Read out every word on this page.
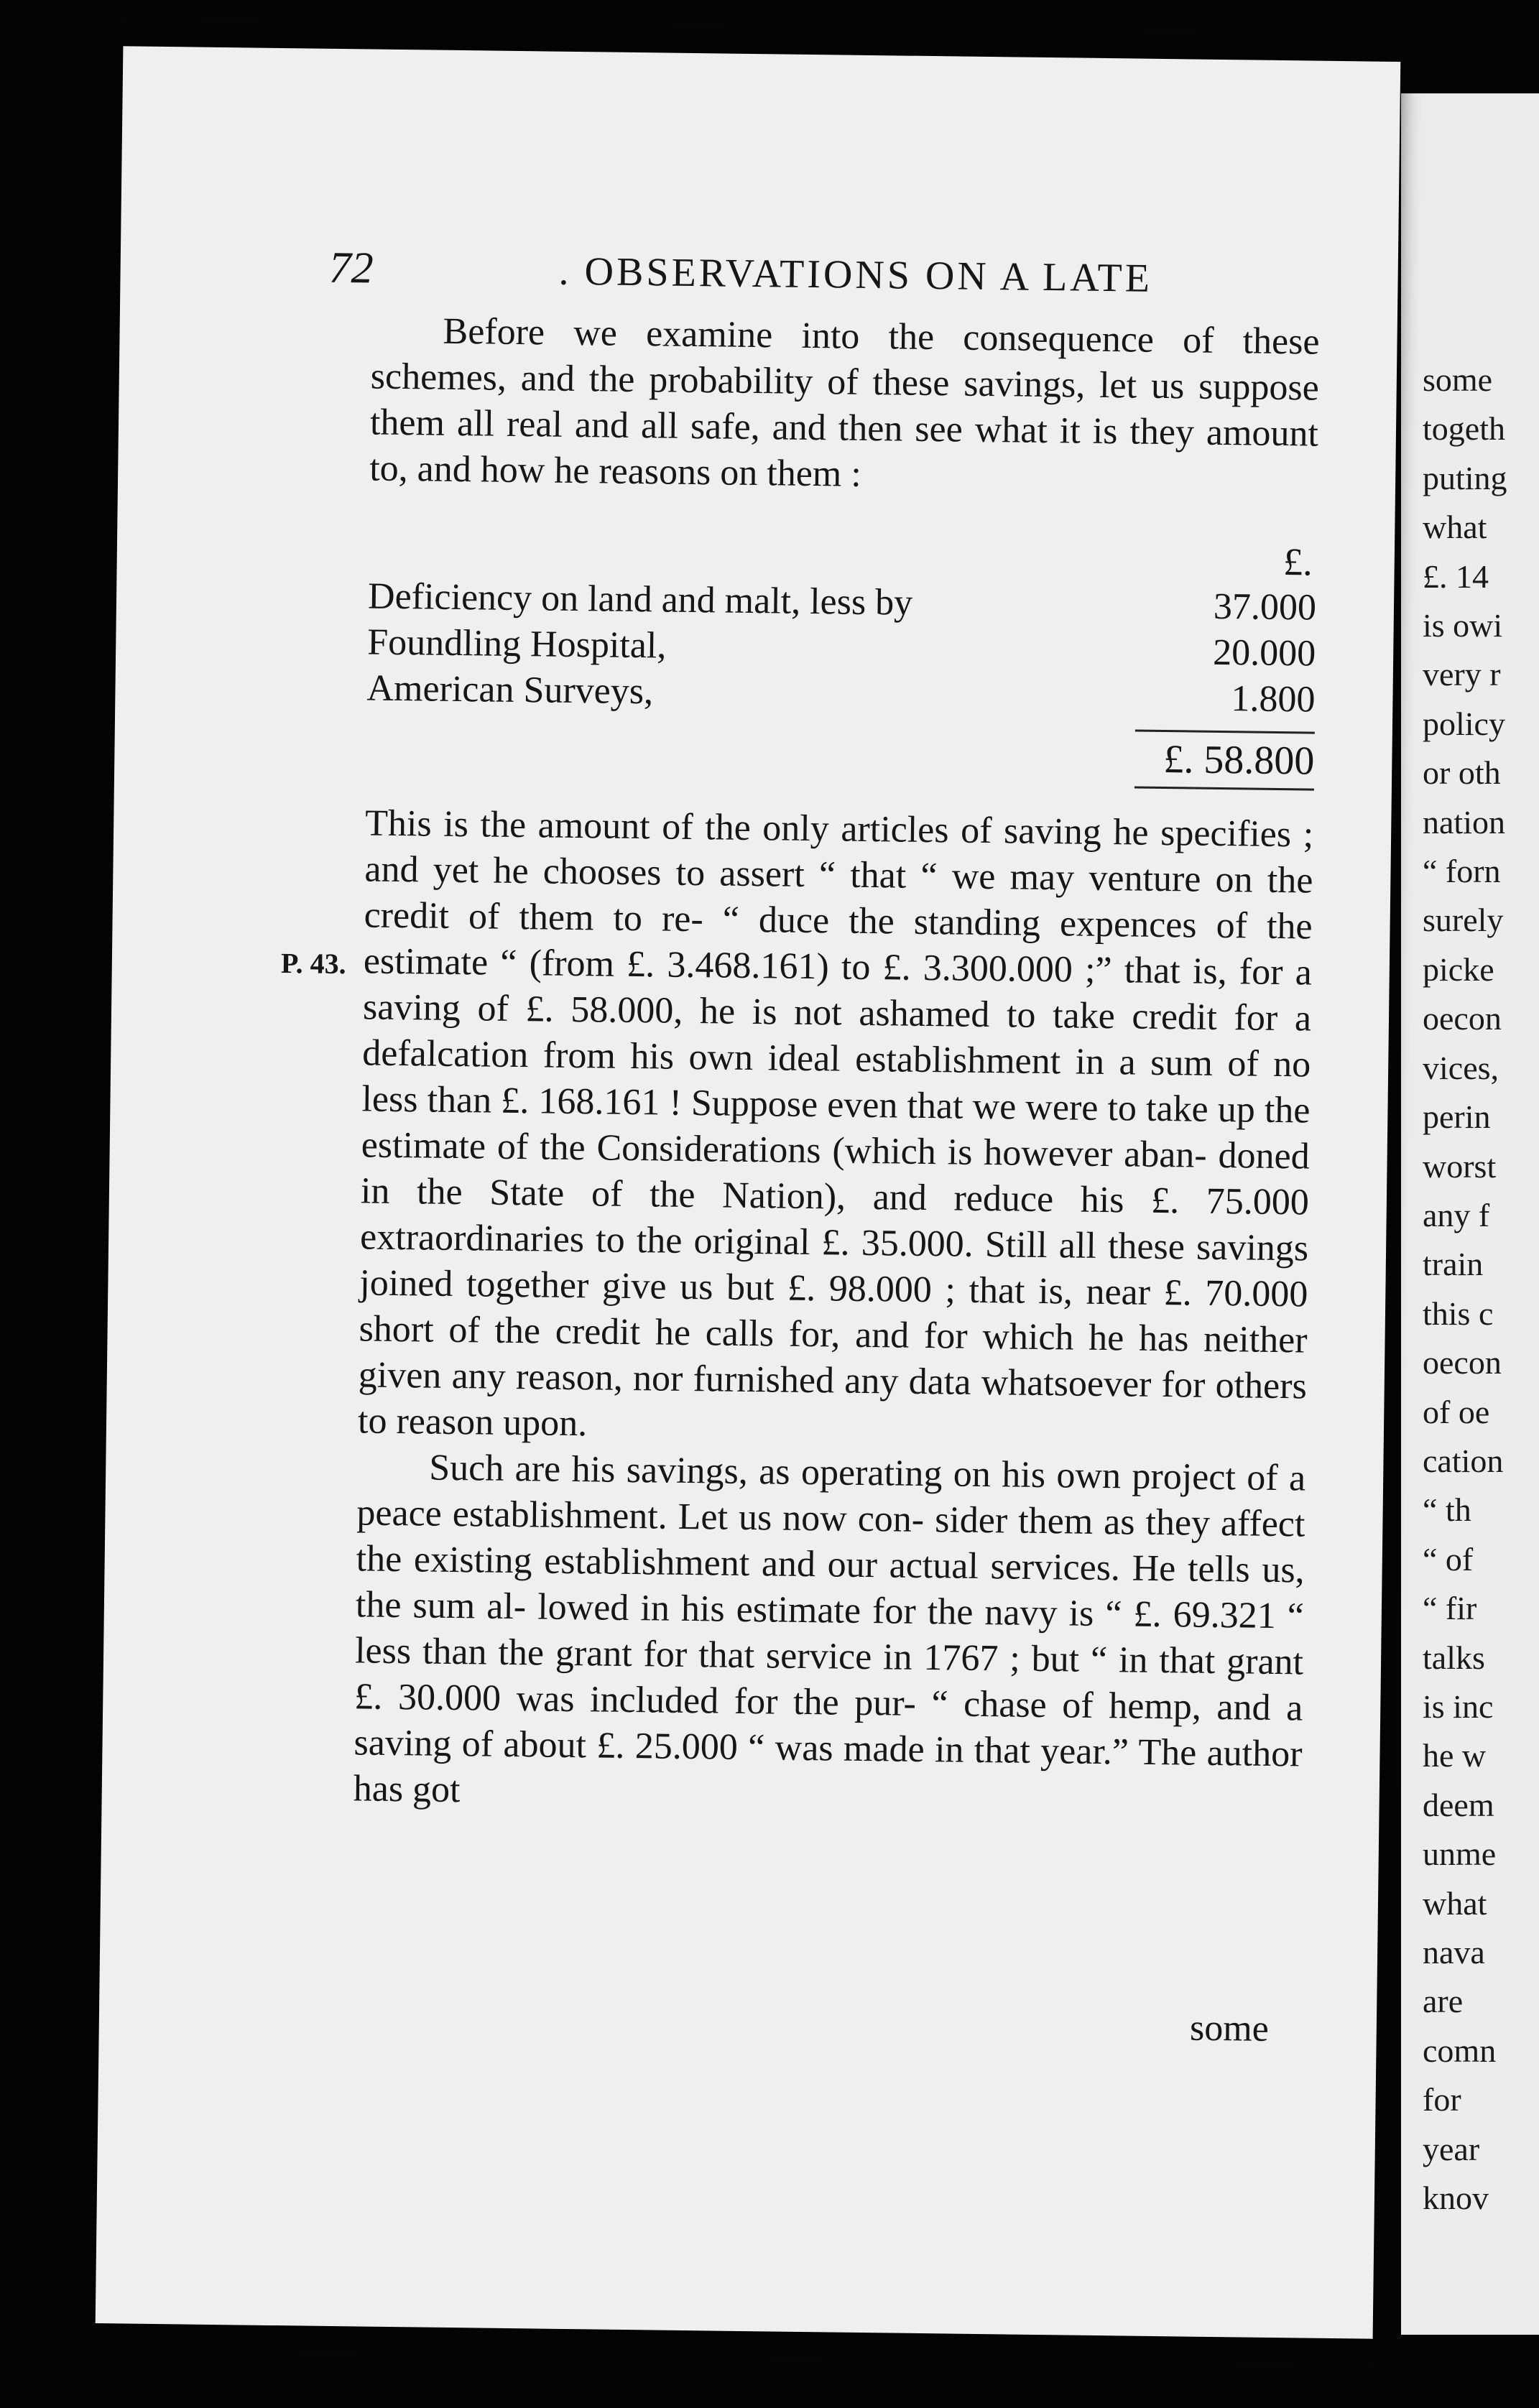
some
togeth
puting
what
£. 14
is owi
very r
policy
or oth
nation
“ forn
surely
picke
oecon
vices,
perin
worst
any f
train
this c
oecon
of oe
cation
“ th
“ of
“ fir
talks
is inc
he w
deem
unme
what
nava
are
comn
for
year
knov
72	. OBSERVATIONS ON A LATE
P. 43.

Before we examine into the consequence of these schemes, and the probability of these savings, let us suppose them all real and all safe, and then see what it is they amount to, and how he reasons on them :

£.
Deficiency on land and malt, less by	37.000
Foundling Hospital,	20.000
American Surveys,	1.800
£. 58.800

This is the amount of the only articles of saving he specifies ; and yet he chooses to assert “ that “ we may venture on the credit of them to re- “ duce the standing expences of the estimate “ (from £. 3.468.161) to £. 3.300.000 ;” that is, for a saving of £. 58.000, he is not ashamed to take credit for a defalcation from his own ideal establishment in a sum of no less than £. 168.161 ! Suppose even that we were to take up the estimate of the Considerations (which is however aban- doned in the State of the Nation), and reduce his £. 75.000 extraordinaries to the original £. 35.000. Still all these savings joined together give us but £. 98.000 ; that is, near £. 70.000 short of the credit he calls for, and for which he has neither given any reason, nor furnished any data whatsoever for others to reason upon.

Such are his savings, as operating on his own project of a peace establishment. Let us now con- sider them as they affect the existing establishment and our actual services. He tells us, the sum al- lowed in his estimate for the navy is “ £. 69.321 “ less than the grant for that service in 1767 ; but “ in that grant £. 30.000 was included for the pur- “ chase of hemp, and a saving of about £. 25.000 “ was made in that year.” The author has got

some
